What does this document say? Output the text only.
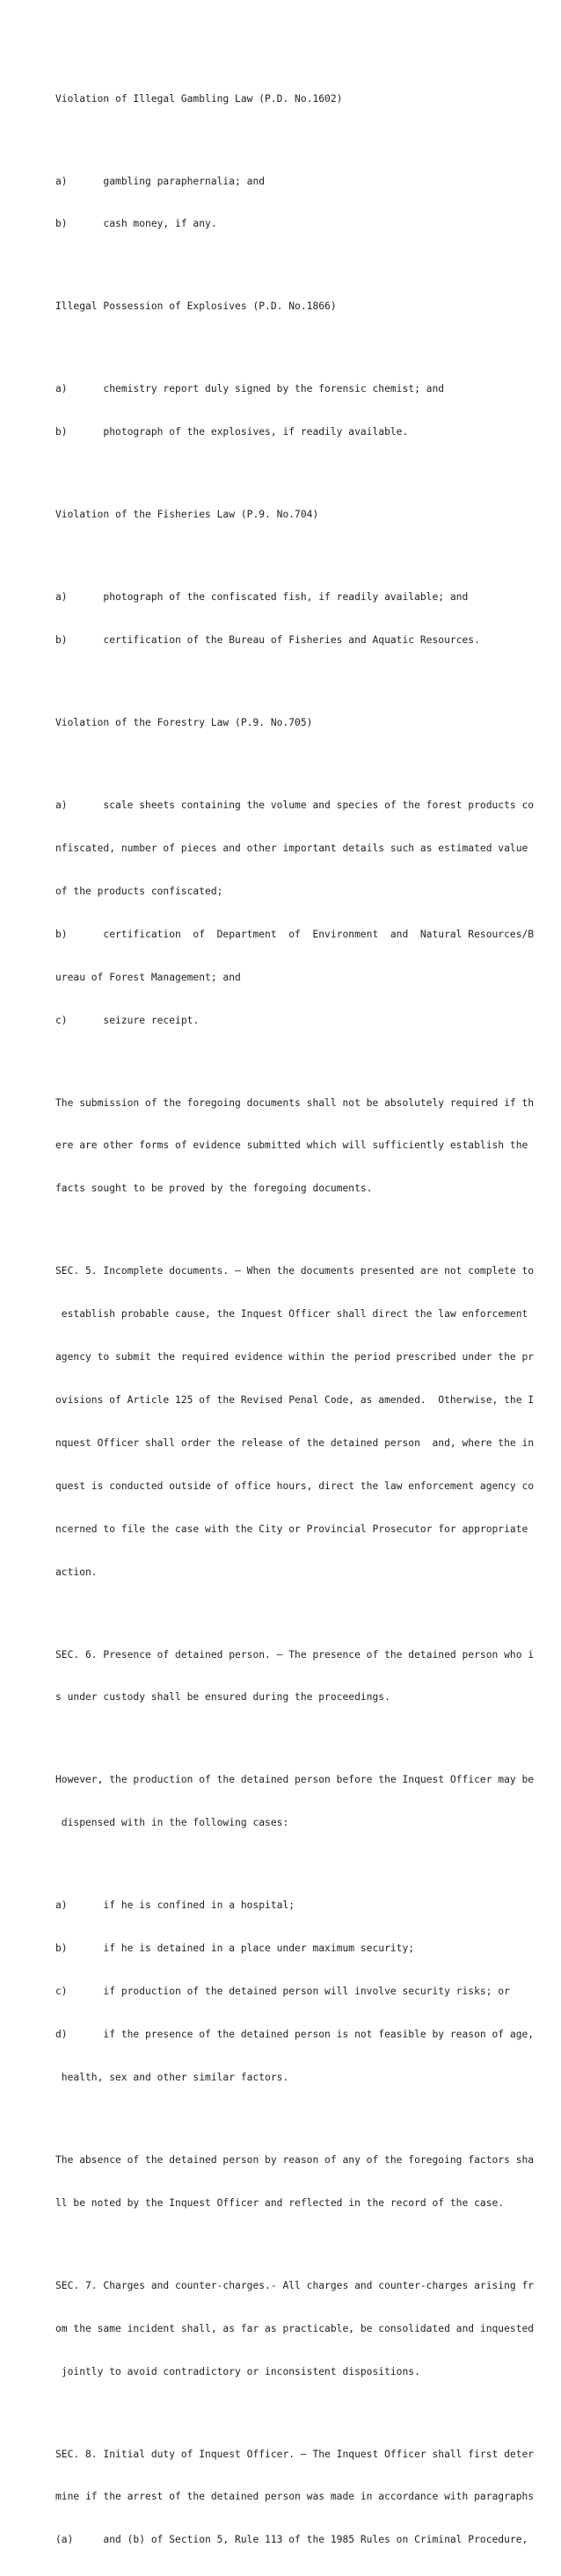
Violation of Illegal Gambling Law (P.D. No.1602)

a)      gambling paraphernalia; and

b)      cash money, if any.

Illegal Possession of Explosives (P.D. No.1866)

a)      chemistry report duly signed by the forensic chemist; and

b)      photograph of the explosives, if readily available.

Violation of the Fisheries Law (P.9. No.704)

a)      photograph of the confiscated fish, if readily available; and

b)      certification of the Bureau of Fisheries and Aquatic Resources.

Violation of the Forestry Law (P.9. No.705)

a)      scale sheets containing the volume and species of the forest products co

nfiscated, number of pieces and other important details such as estimated value

of the products confiscated;

b)      certification  of  Department  of  Environment  and  Natural Resources/B

ureau of Forest Management; and

c)      seizure receipt.

The submission of the foregoing documents shall not be absolutely required if th

ere are other forms of evidence submitted which will sufficiently establish the

facts sought to be proved by the foregoing documents.

SEC. 5. Incomplete documents. – When the documents presented are not complete to

establish probable cause, the Inquest Officer shall direct the law enforcement

agency to submit the required evidence within the period prescribed under the pr

ovisions of Article 125 of the Revised Penal Code, as amended.  Otherwise, the I

nquest Officer shall order the release of the detained person  and, where the in

quest is conducted outside of office hours, direct the law enforcement agency co

ncerned to file the case with the City or Provincial Prosecutor for appropriate

action.

SEC. 6. Presence of detained person. – The presence of the detained person who i

s under custody shall be ensured during the proceedings.

However, the production of the detained person before the Inquest Officer may be

dispensed with in the following cases:

a)      if he is confined in a hospital;

b)      if he is detained in a place under maximum security;

c)      if production of the detained person will involve security risks; or

d)      if the presence of the detained person is not feasible by reason of age,

health, sex and other similar factors.

The absence of the detained person by reason of any of the foregoing factors sha

ll be noted by the Inquest Officer and reflected in the record of the case.

SEC. 7. Charges and counter-charges.- All charges and counter-charges arising fr

om the same incident shall, as far as practicable, be consolidated and inquested

jointly to avoid contradictory or inconsistent dispositions.

SEC. 8. Initial duty of Inquest Officer. – The Inquest Officer shall first deter

mine if the arrest of the detained person was made in accordance with paragraphs

(a)     and (b) of Section 5, Rule 113 of the 1985 Rules on Criminal Procedure,
